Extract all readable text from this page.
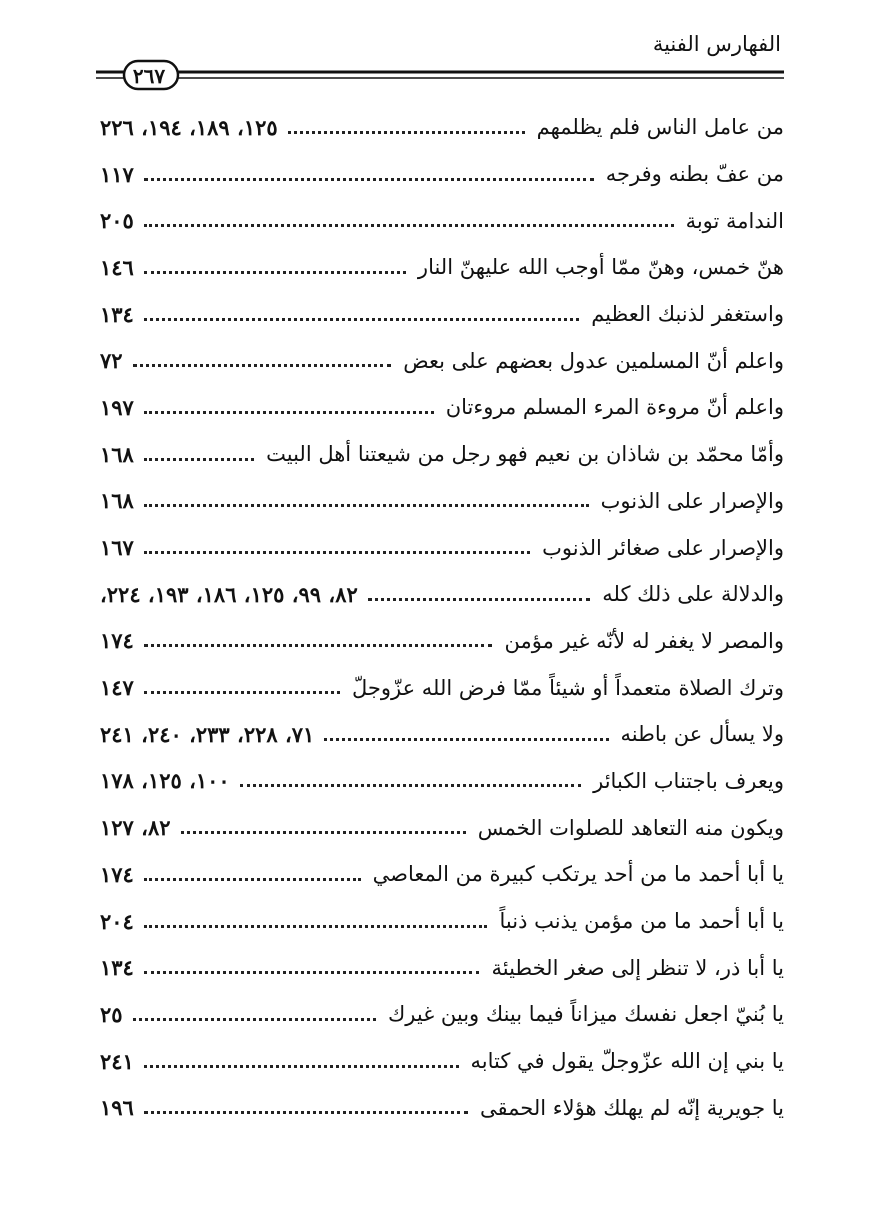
الفهارس الفنية
٢٦٧
من عامل الناس فلم يظلمهم
١٢٥، ١٨٩، ١٩٤، ٢٢٦
من عفّ بطنه وفرجه
١١٧
الندامة توبة
٢٠٥
هنّ خمس، وهنّ ممّا أوجب الله عليهنّ النار
١٤٦
واستغفر لذنبك العظيم
١٣٤
واعلم أنّ المسلمين عدول بعضهم على بعض
٧٢
واعلم أنّ مروءة المرء المسلم مروءتان
١٩٧
وأمّا محمّد بن شاذان بن نعيم فهو رجل من شيعتنا أهل البيت
١٦٨
والإصرار على الذنوب
١٦٨
والإصرار على صغائر الذنوب
١٦٧
والدلالة على ذلك كله
٨٢، ٩٩، ١٢٥، ١٨٦، ١٩٣، ٢٢٤،
والمصر لا يغفر له لأنّه غير مؤمن
١٧٤
وترك الصلاة متعمداً أو شيئاً ممّا فرض الله عزّوجلّ
١٤٧
ولا يسأل عن باطنه
٧١، ٢٢٨، ٢٣٣، ٢٤٠، ٢٤١
ويعرف باجتناب الكبائر
١٠٠، ١٢٥، ١٧٨
ويكون منه التعاهد للصلوات الخمس
٨٢، ١٢٧
يا أبا أحمد ما من أحد يرتكب كبيرة من المعاصي
١٧٤
يا أبا أحمد ما من مؤمن يذنب ذنباً
٢٠٤
يا أبا ذر، لا تنظر إلى صغر الخطيئة
١٣٤
يا بُنيّ اجعل نفسك ميزاناً فيما بينك وبين غيرك
٢٥
يا بني إن الله عزّوجلّ يقول في كتابه
٢٤١
يا جويرية إنّه لم يهلك هؤلاء الحمقى
١٩٦
